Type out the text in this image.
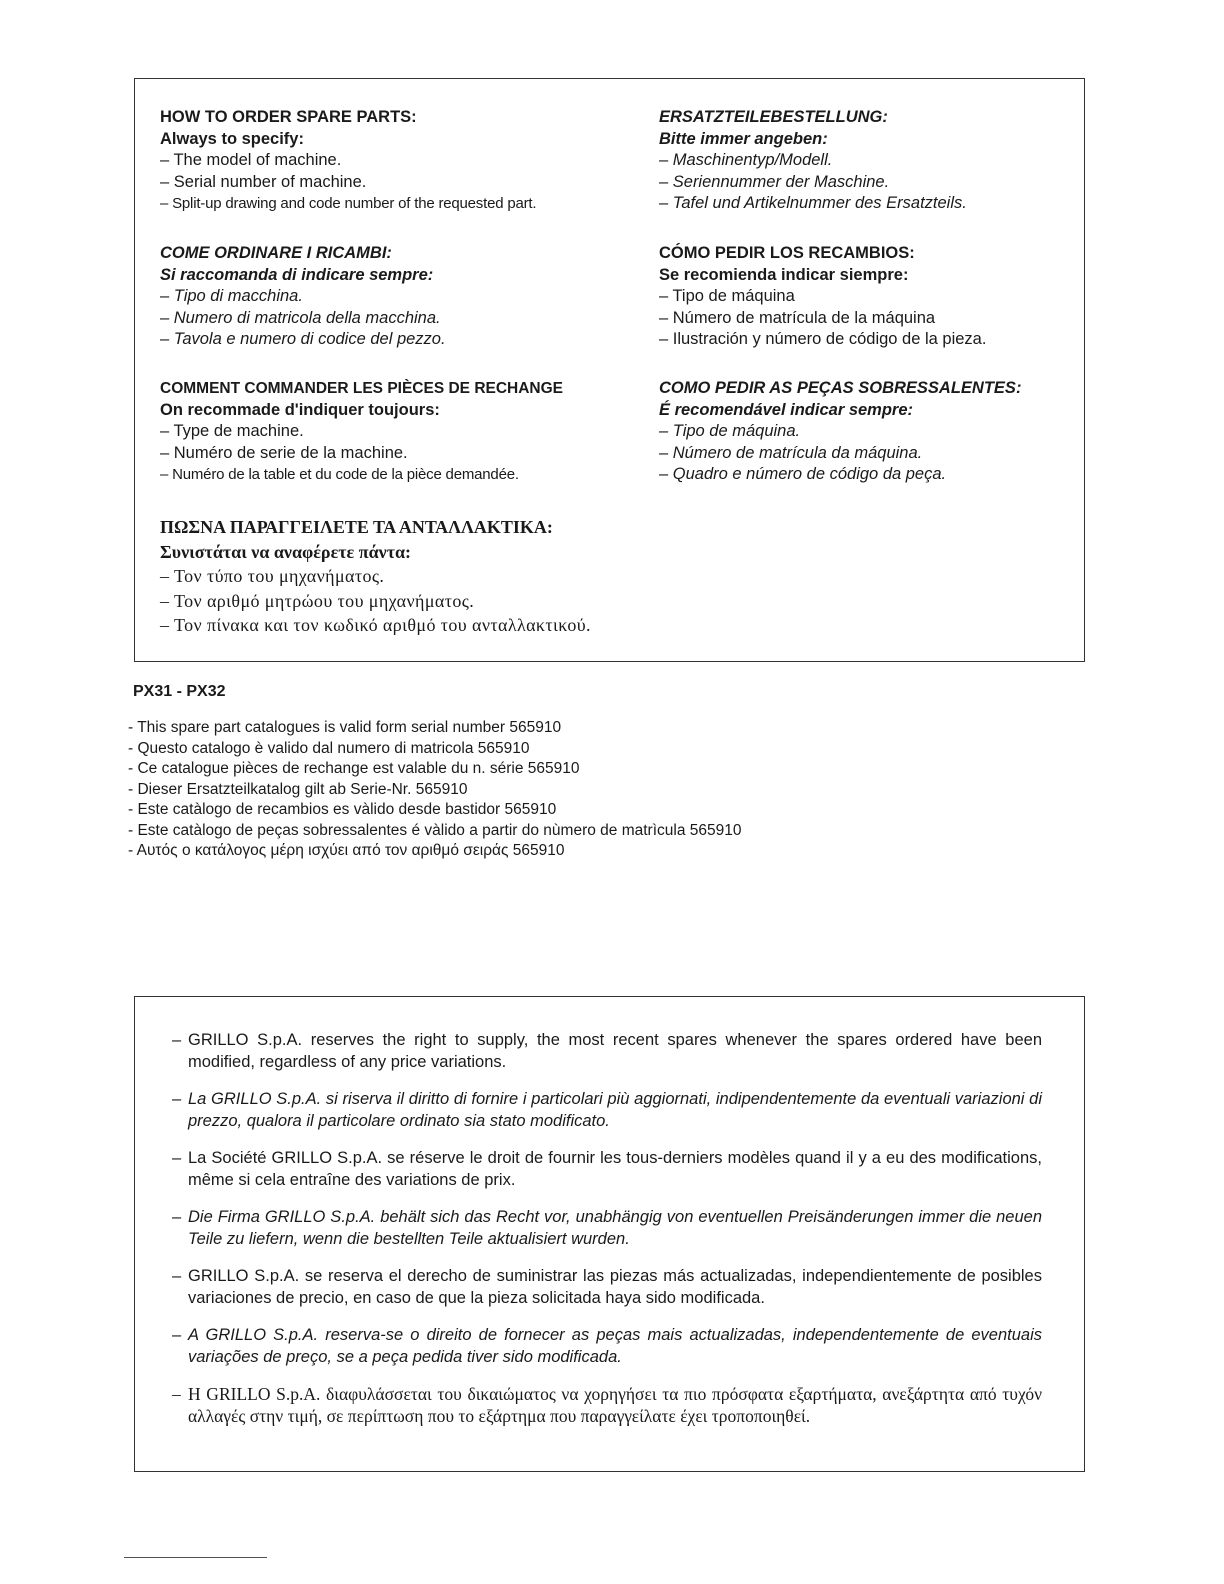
HOW TO ORDER SPARE PARTS:
Always to specify:
– The model of machine.
– Serial number of machine.
– Split-up drawing and code number of the requested part.
ERSATZTEILEBESTELLUNG:
Bitte immer angeben:
– Maschinentyp/Modell.
– Seriennummer der Maschine.
– Tafel und Artikelnummer des Ersatzteils.
COME ORDINARE I RICAMBI:
Si raccomanda di indicare sempre:
– Tipo di macchina.
– Numero di matricola della macchina.
– Tavola e numero di codice del pezzo.
CÓMO PEDIR LOS RECAMBIOS:
Se recomienda indicar siempre:
– Tipo de máquina
– Número de matrícula de la máquina
– Ilustración y número de código de la pieza.
COMMENT COMMANDER LES PIÈCES DE RECHANGE
On recommade d'indiquer toujours:
– Type de machine.
– Numéro de serie de la machine.
– Numéro de la table et du code de la pièce demandée.
COMO PEDIR AS PEÇAS SOBRESSALENTES:
É recomendável indicar sempre:
– Tipo de máquina.
– Número de matrícula da máquina.
– Quadro e número de código da peça.
ΠΩΣΝΑ ΠΑΡΑΓΓΕΙΛΕΤΕ ΤΑ ΑΝΤΑΛΛΑΚΤΙΚΑ:
Συνιστάται να αναφέρετε πάντα:
– Τον τύπο του μηχανήματος.
– Τον αριθμό μητρώου του μηχανήματος.
– Τον πίνακα και τον κωδικό αριθμό του ανταλλακτικού.
PX31 - PX32
- This spare part catalogues is valid form serial number 565910
- Questo catalogo è valido dal numero di matricola 565910
- Ce catalogue pièces de rechange est valable du n. série 565910
- Dieser Ersatzteilkatalog gilt ab Serie-Nr. 565910
- Este catàlogo de recambios es vàlido desde bastidor 565910
- Este catàlogo de peças sobressalentes é vàlido a partir do nùmero de matrìcula 565910
- Αυτός ο κατάλογος μέρη ισχύει από τον αριθμό σειράς 565910
– GRILLO S.p.A. reserves the right to supply, the most recent spares whenever the spares ordered have been modified, regardless of any price variations.
– La GRILLO S.p.A. si riserva il diritto di fornire i particolari più aggiornati, indipendentemente da eventuali variazioni di prezzo, qualora il particolare ordinato sia stato modificato.
– La Société GRILLO S.p.A. se réserve le droit de fournir les tous-derniers modèles quand il y a eu des modifications, même si cela entraîne des variations de prix.
– Die Firma GRILLO S.p.A. behält sich das Recht vor, unabhängig von eventuellen Preisänderungen immer die neuen Teile zu liefern, wenn die bestellten Teile aktualisiert wurden.
– GRILLO S.p.A. se reserva el derecho de suministrar las piezas más actualizadas, independientemente de posibles variaciones de precio, en caso de que la pieza solicitada haya sido modificada.
– A GRILLO S.p.A. reserva-se o direito de fornecer as peças mais actualizadas, independentemente de eventuais variações de preço, se a peça pedida tiver sido modificada.
– Η GRILLO S.p.A. διαφυλάσσεται του δικαιώματος να χορηγήσει τα πιο πρόσφατα εξαρτήματα, ανεξάρτητα από τυχόν αλλαγές στην τιμή, σε περίπτωση που το εξάρτημα που παραγγείλατε έχει τροποποιηθεί.
